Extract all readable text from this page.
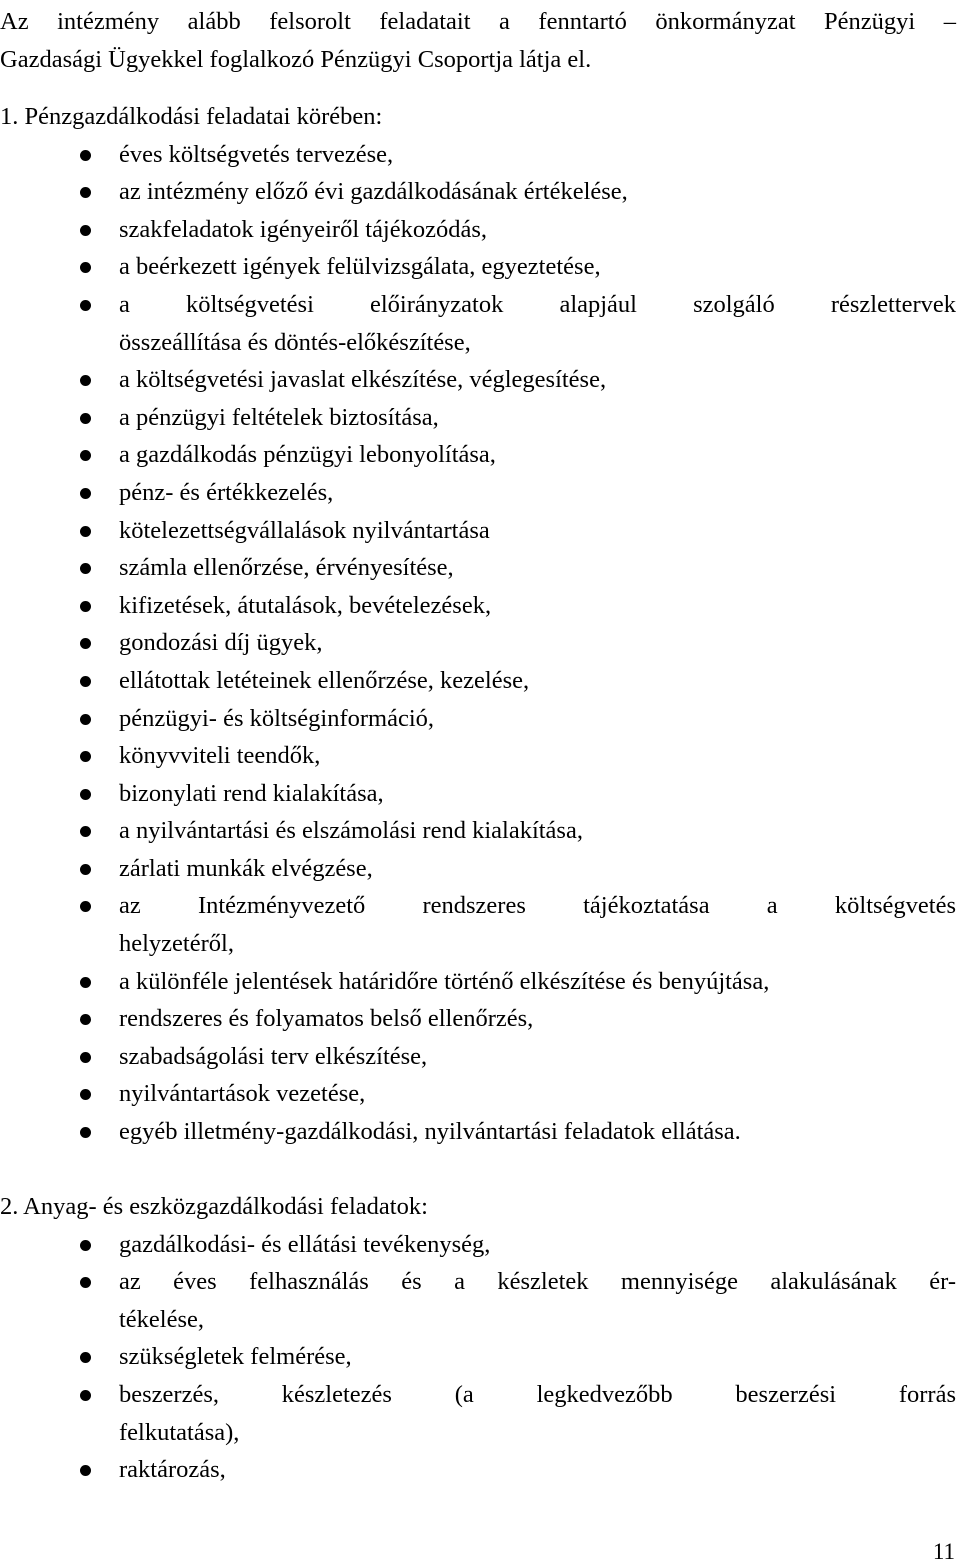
Az intézmény alább felsorolt feladatait a fenntartó önkormányzat Pénzügyi –
Gazdasági Ügyekkel foglalkozó Pénzügyi Csoportja látja el.

1. Pénzgazdálkodási feladatai körében:

éves költségvetés tervezése,
az intézmény előző évi gazdálkodásának értékelése,
szakfeladatok igényeiről tájékozódás,
a beérkezett igények felülvizsgálata, egyeztetése,
a költségvetési előirányzatok alapjául szolgáló részlettervek
összeállítása és döntés-előkészítése,
a költségvetési javaslat elkészítése, véglegesítése,
a pénzügyi feltételek biztosítása,
a gazdálkodás pénzügyi lebonyolítása,
pénz- és értékkezelés,
kötelezettségvállalások nyilvántartása
számla ellenőrzése, érvényesítése,
kifizetések, átutalások, bevételezések,
gondozási díj ügyek,
ellátottak letéteinek ellenőrzése, kezelése,
pénzügyi- és költséginformáció,
könyvviteli teendők,
bizonylati rend kialakítása,
a nyilvántartási és elszámolási rend kialakítása,
zárlati munkák elvégzése,
az Intézményvezető rendszeres tájékoztatása a költségvetés
helyzetéről,
a különféle jelentések határidőre történő elkészítése és benyújtása,
rendszeres és folyamatos belső ellenőrzés,
szabadságolási terv elkészítése,
nyilvántartások vezetése,
egyéb illetmény-gazdálkodási, nyilvántartási feladatok ellátása.

2. Anyag- és eszközgazdálkodási feladatok:

gazdálkodási- és ellátási tevékenység,
az éves felhasználás és a készletek mennyisége alakulásának ér-
tékelése,
szükségletek felmérése,
beszerzés, készletezés (a legkedvezőbb beszerzési forrás
felkutatása),
raktározás,
11
